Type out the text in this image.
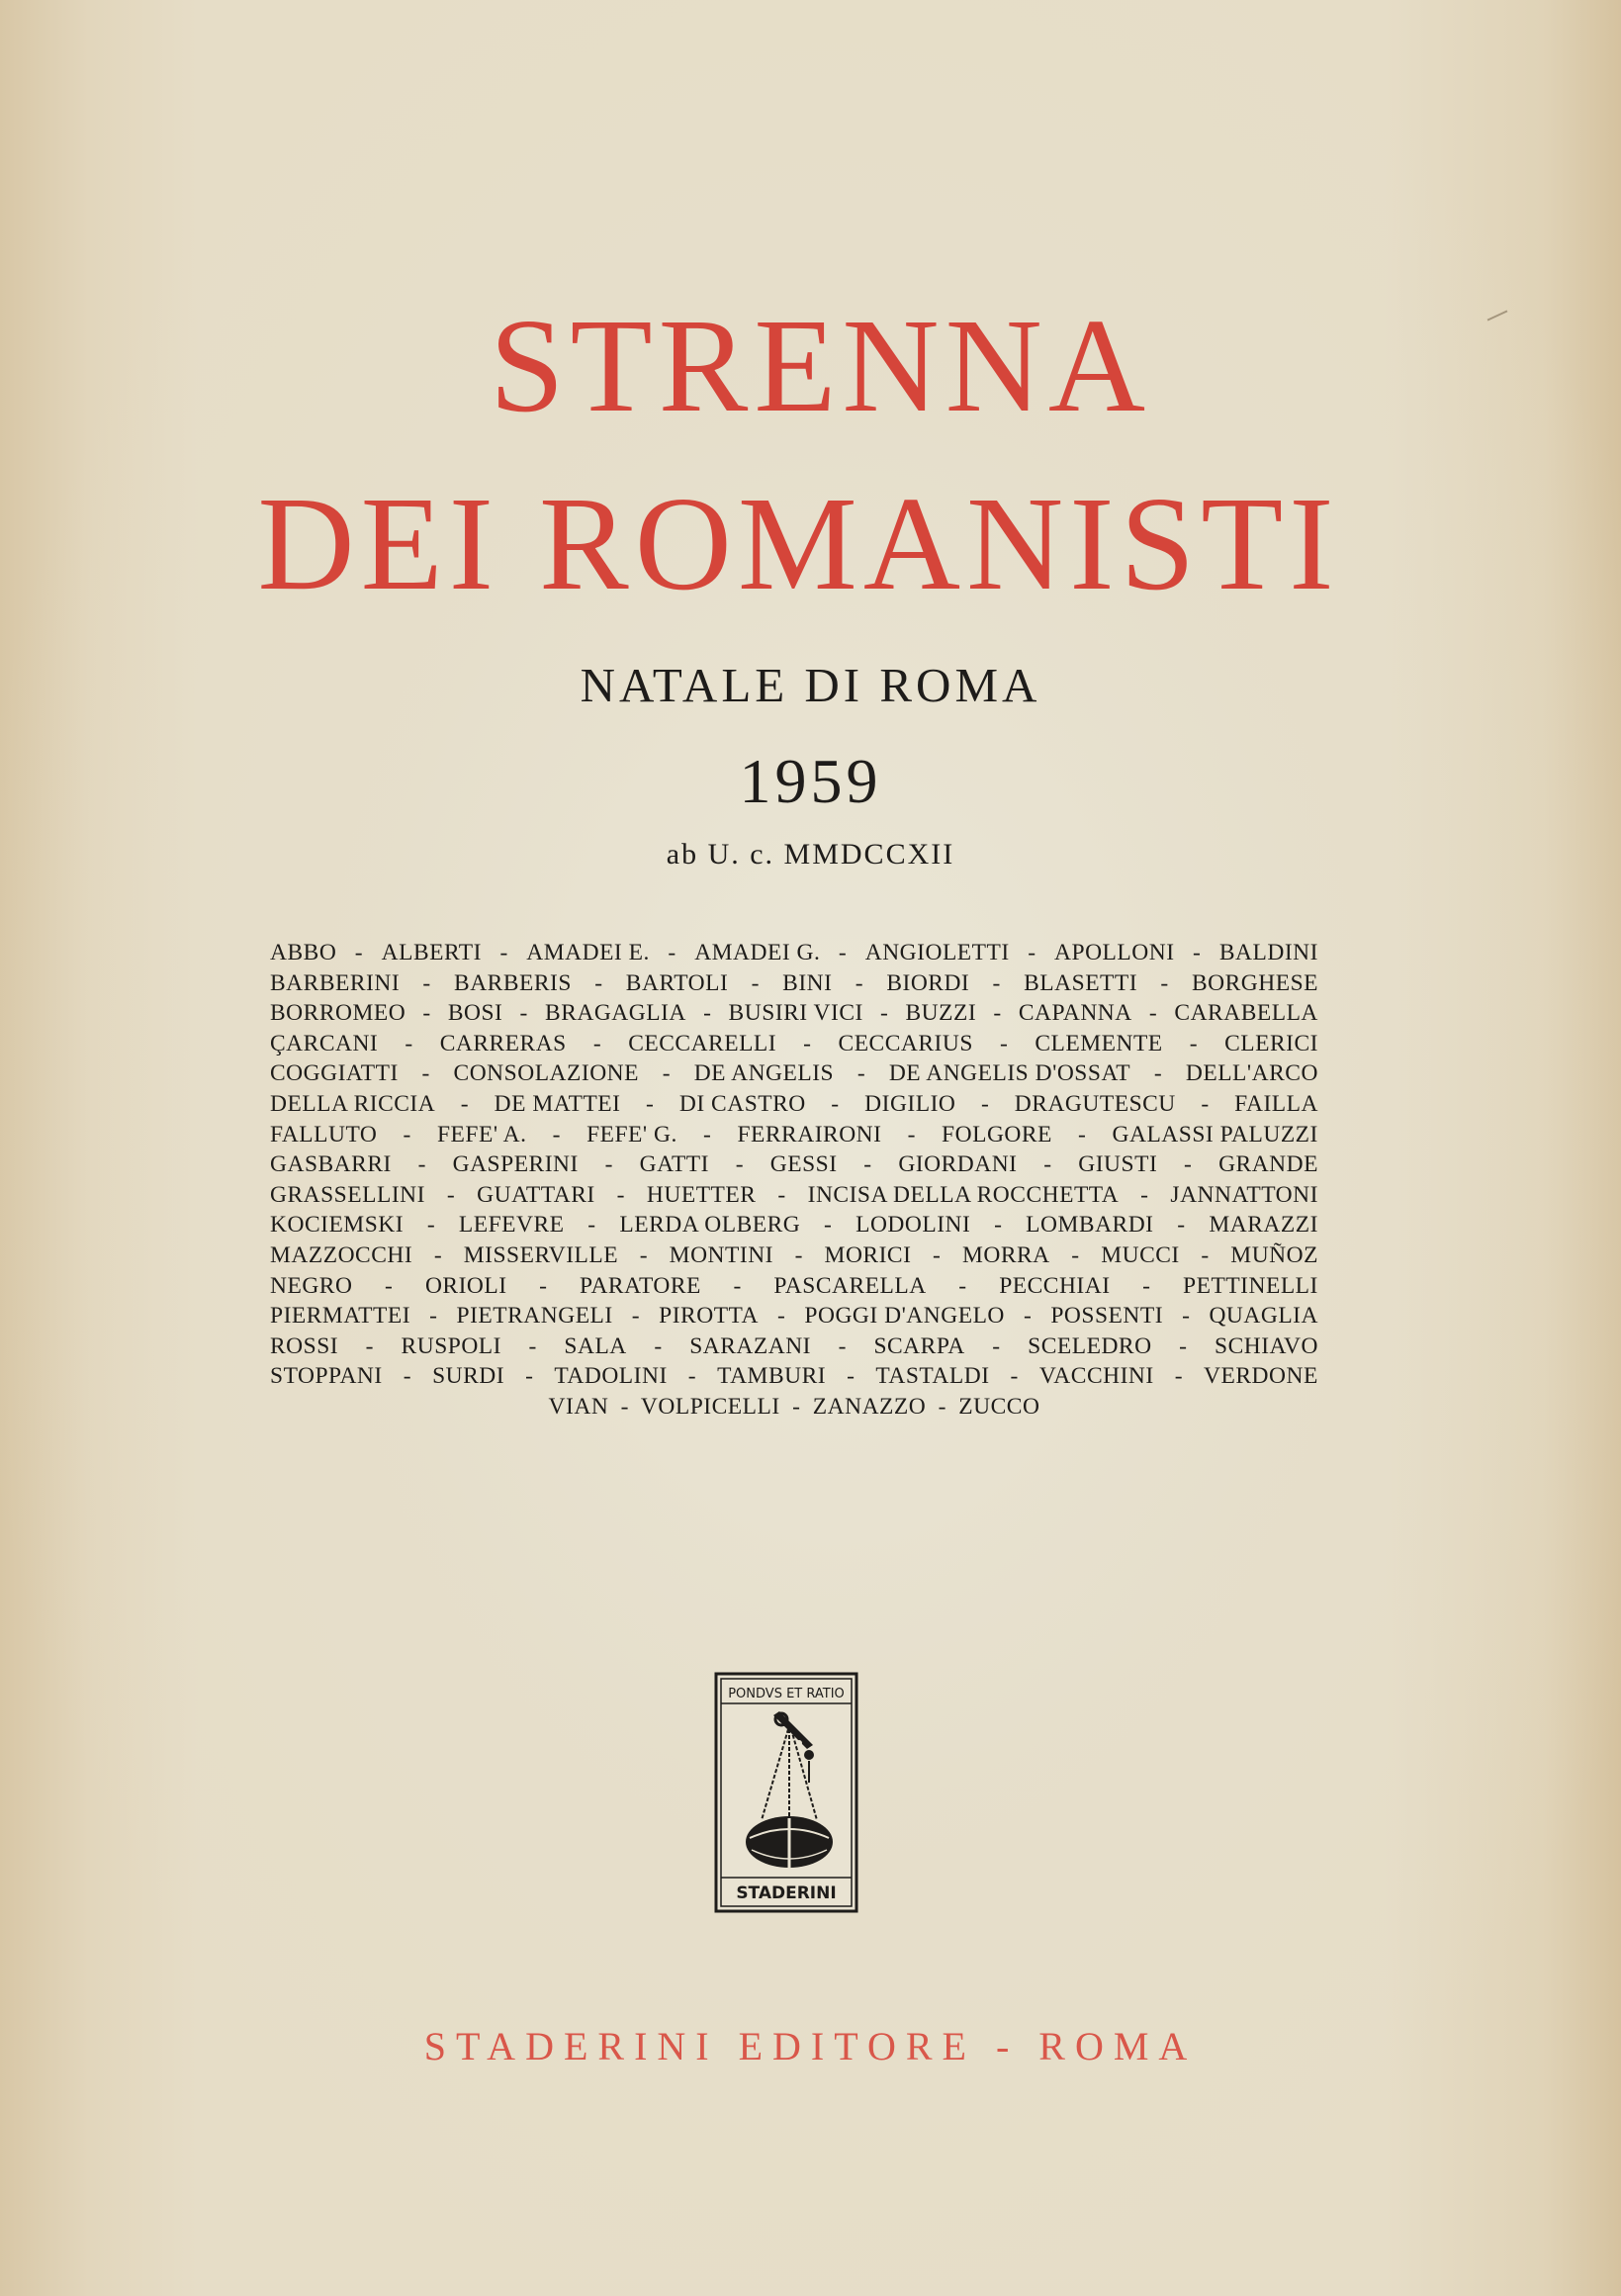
STRENNA
DEI ROMANISTI
NATALE DI ROMA
1959
ab U. c. MMDCCXII
ABBO - ALBERTI - AMADEI E. - AMADEI G. - ANGIOLETTI - APOLLONI - BALDINI
BARBERINI - BARBERIS - BARTOLI - BINI - BIORDI - BLASETTI - BORGHESE
BORROMEO - BOSI - BRAGAGLIA - BUSIRI VICI - BUZZI - CAPANNA - CARABELLA
ÇARCANI - CARRERAS - CECCARELLI - CECCARIUS - CLEMENTE - CLERICI
COGGIATTI - CONSOLAZIONE - DE ANGELIS - DE ANGELIS D'OSSAT - DELL'ARCO
DELLA RICCIA - DE MATTEI - DI CASTRO - DIGILIO - DRAGUTESCU - FAILLA
FALLUTO - FEFE' A. - FEFE' G. - FERRAIRONI - FOLGORE - GALASSI PALUZZI
GASBARRI - GASPERINI - GATTI - GESSI - GIORDANI - GIUSTI - GRANDE
GRASSELLINI - GUATTARI - HUETTER - INCISA DELLA ROCCHETTA - JANNATTONI
KOCIEMSKI - LEFEVRE - LERDA OLBERG - LODOLINI - LOMBARDI - MARAZZI
MAZZOCCHI - MISSERVILLE - MONTINI - MORICI - MORRA - MUCCI - MUÑOZ
NEGRO - ORIOLI - PARATORE - PASCARELLA - PECCHIAI - PETTINELLI
PIERMATTEI - PIETRANGELI - PIROTTA - POGGI D'ANGELO - POSSENTI - QUAGLIA
ROSSI - RUSPOLI - SALA - SARAZANI - SCARPA - SCELEDRO - SCHIAVO
STOPPANI - SURDI - TADOLINI - TAMBURI - TASTALDI - VACCHINI - VERDONE
VIAN - VOLPICELLI - ZANAZZO - ZUCCO
PONDVS ET RATIO
STADERINI
STADERINI EDITORE - ROMA
